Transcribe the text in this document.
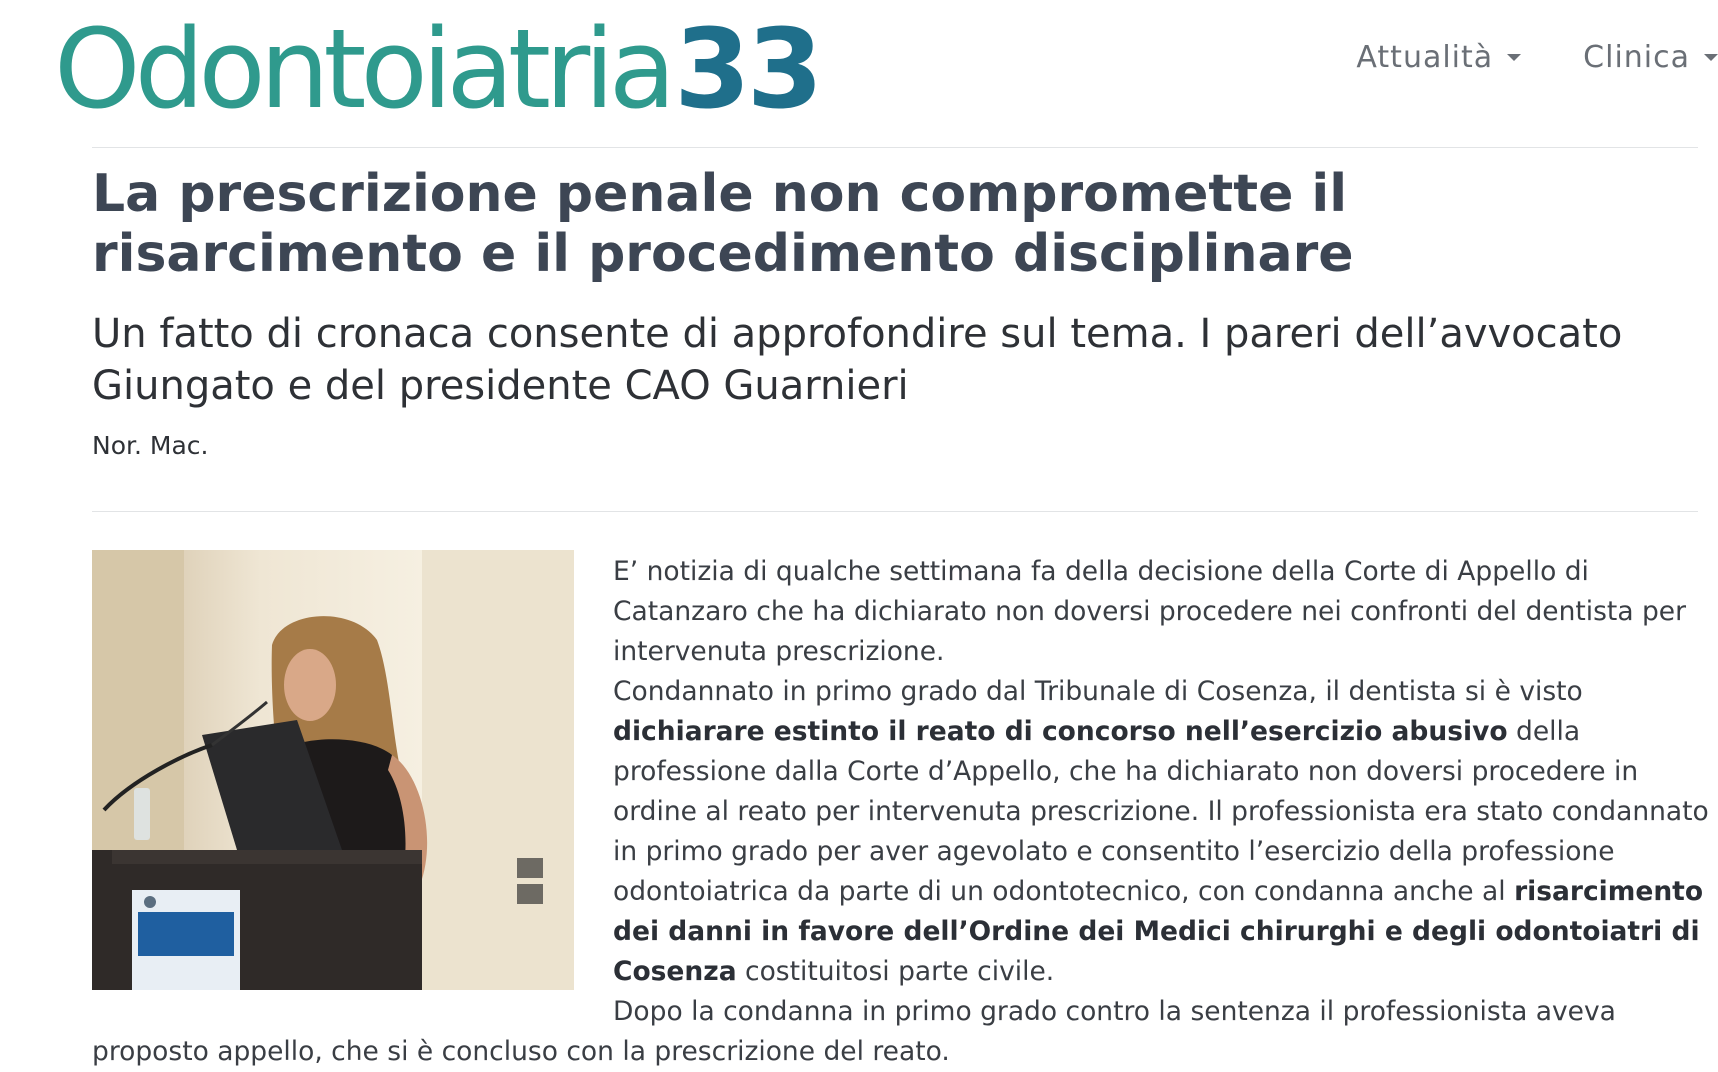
Odontoiatria 33	Attualità	Clinica
La prescrizione penale non compromette il risarcimento e il procedimento disciplinare
Un fatto di cronaca consente di approfondire sul tema. I pareri dell’avvocato Giungato e del presidente CAO Guarnieri
Nor. Mac.

E’ notizia di qualche settimana fa della decisione della Corte di Appello di Catanzaro che ha dichiarato non doversi procedere nei confronti del dentista per intervenuta prescrizione.

Condannato in primo grado dal Tribunale di Cosenza, il dentista si è visto dichiarare estinto il reato di concorso nell’esercizio abusivo della professione dalla Corte d’Appello, che ha dichiarato non doversi procedere in ordine al reato per intervenuta prescrizione. Il professionista era stato condannato in primo grado per aver agevolato e consentito l’esercizio della professione odontoiatrica da parte di un odontotecnico, con condanna anche al risarcimento dei danni in favore dell’Ordine dei Medici chirurghi e degli odontoiatri di Cosenza costituitosi parte civile.

Dopo la condanna in primo grado contro la sentenza il professionista aveva proposto appello, che si è concluso con la prescrizione del reato.
